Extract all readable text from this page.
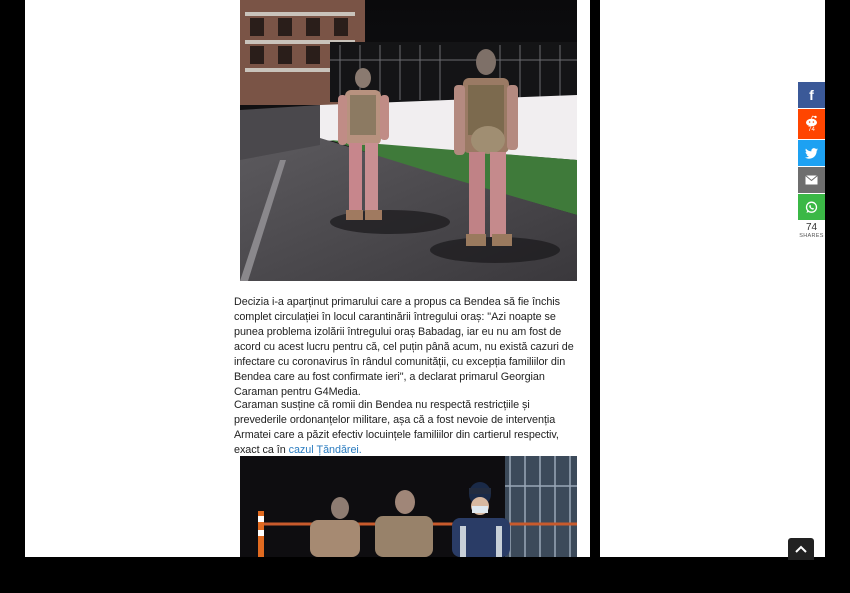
Decizia i-a aparținut primarului care a propus ca Bendea să fie închis complet circulației în locul carantinării întregului oraș: "Azi noapte se punea problema izolării întregului oraș Babadag, iar eu nu am fost de acord cu acest lucru pentru că, cel puțin până acum, nu există cazuri de infectare cu coronavirus în rândul comunității, cu excepția familiilor din Bendea care au fost confirmate ieri", a declarat primarul Georgian Caraman pentru G4Media.

Caraman susține că romii din Bendea nu respectă restricțiile și prevederile ordonanțelor militare, așa că a fost nevoie de intervenția Armatei care a păzit efectiv locuințele familiilor din cartierul respectiv, exact ca în cazul Țăndărei.

f
74
74
SHARES
